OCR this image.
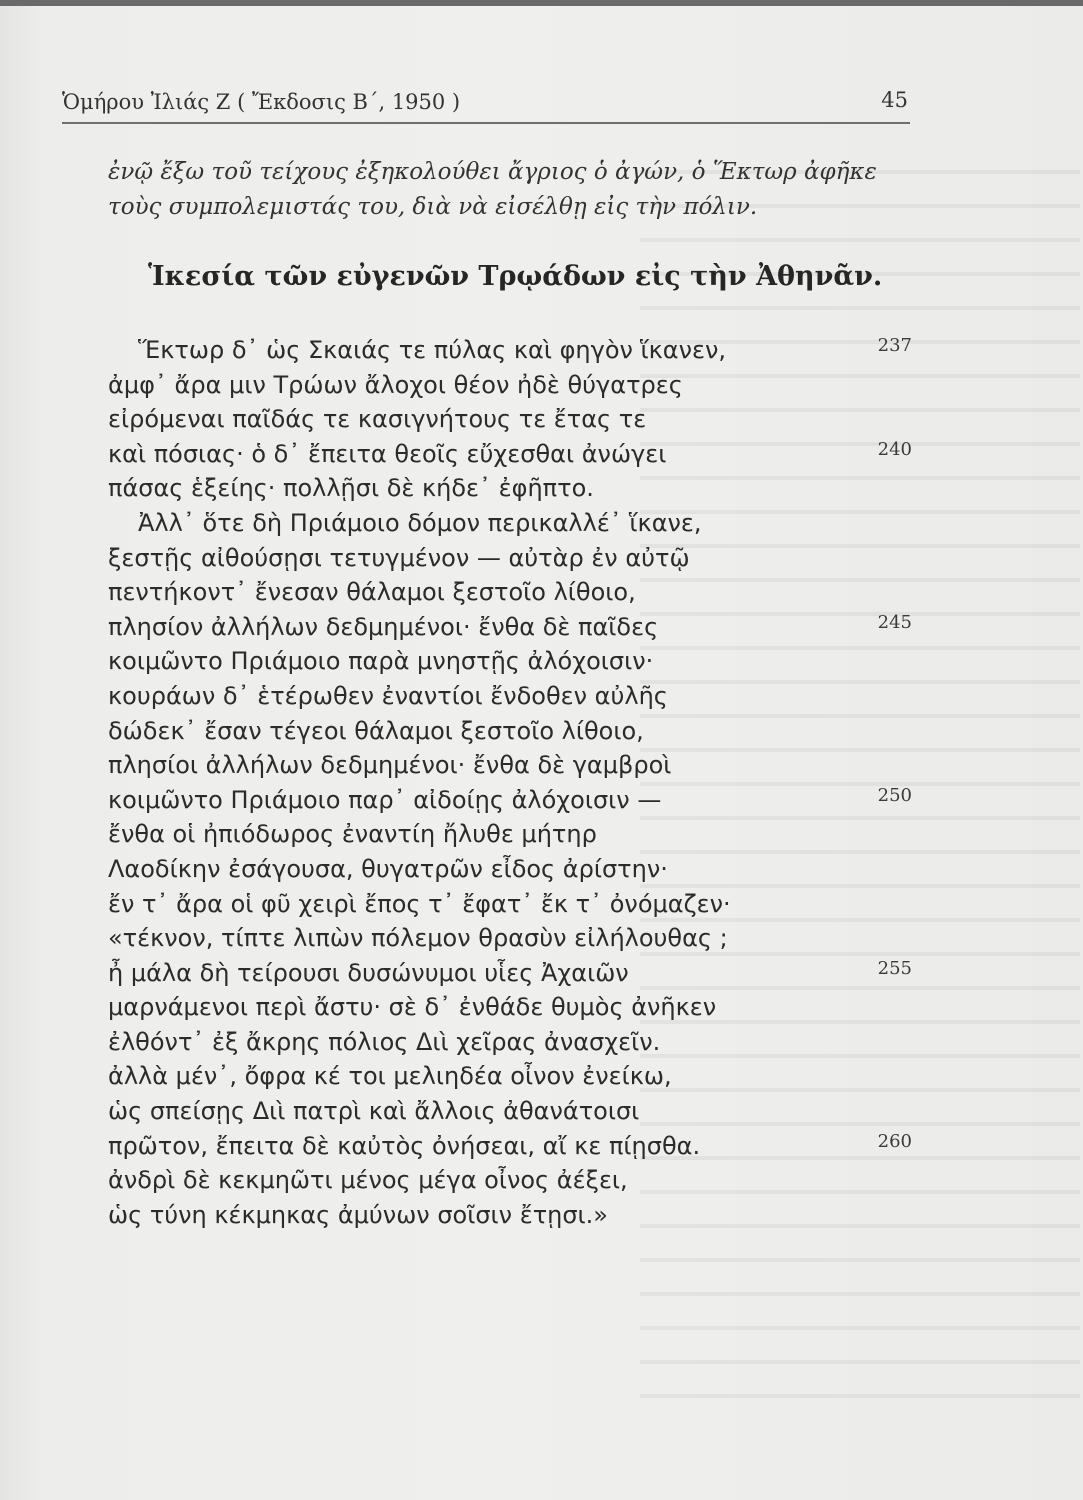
Ὁμήρου Ἰλιάς Ζ ( Ἔκδοσις Β΄, 1950 )	45
ἐνῷ ἔξω τοῦ τείχους ἐξηκολούθει ἄγριος ὁ ἀγών, ὁ Ἕκτωρ ἀφῆκε
τοὺς συμπολεμιστάς του, διὰ νὰ εἰσέλθῃ εἰς τὴν πόλιν.
Ἱκεσία τῶν εὐγενῶν Τρῳάδων εἰς τὴν Ἀθηνᾶν.
Ἕκτωρ δ᾽ ὡς Σκαιάς τε πύλας καὶ φηγὸν ἵκανεν,	237
ἀμφ᾽ ἄρα μιν Τρώων ἄλοχοι θέον ἠδὲ θύγατρες
εἰρόμεναι παῖδάς τε κασιγνήτους τε ἔτας τε
καὶ πόσιας· ὁ δ᾽ ἔπειτα θεοῖς εὔχεσθαι ἀνώγει	240
πάσας ἑξείης· πολλῇσι δὲ κήδε᾽ ἐφῆπτο.
Ἀλλ᾽ ὅτε δὴ Πριάμοιο δόμον περικαλλέ᾽ ἵκανε,
ξεστῇς αἰθούσῃσι τετυγμένον — αὐτὰρ ἐν αὐτῷ
πεντήκοντ᾽ ἔνεσαν θάλαμοι ξεστοῖο λίθοιο,
πλησίον ἀλλήλων δεδμημένοι· ἔνθα δὲ παῖδες	245
κοιμῶντο Πριάμοιο παρὰ μνηστῇς ἀλόχοισιν·
κουράων δ᾽ ἑτέρωθεν ἐναντίοι ἔνδοθεν αὐλῆς
δώδεκ᾽ ἔσαν τέγεοι θάλαμοι ξεστοῖο λίθοιο,
πλησίοι ἀλλήλων δεδμημένοι· ἔνθα δὲ γαμβροὶ
κοιμῶντο Πριάμοιο παρ᾽ αἰδοίῃς ἀλόχοισιν —	250
ἔνθα οἱ ἠπιόδωρος ἐναντίη ἤλυθε μήτηρ
Λαοδίκην ἐσάγουσα, θυγατρῶν εἶδος ἀρίστην·
ἔν τ᾽ ἄρα οἱ φῦ χειρὶ ἔπος τ᾽ ἔφατ᾽ ἔκ τ᾽ ὀνόμαζεν·
«τέκνον, τίπτε λιπὼν πόλεμον θρασὺν εἰλήλουθας ;
ἦ μάλα δὴ τείρουσι δυσώνυμοι υἷες Ἀχαιῶν	255
μαρνάμενοι περὶ ἄστυ· σὲ δ᾽ ἐνθάδε θυμὸς ἀνῆκεν
ἐλθόντ᾽ ἐξ ἄκρης πόλιος Διὶ χεῖρας ἀνασχεῖν.
ἀλλὰ μέν᾽, ὄφρα κέ τοι μελιηδέα οἶνον ἐνείκω,
ὡς σπείσῃς Διὶ πατρὶ καὶ ἄλλοις ἀθανάτοισι
πρῶτον, ἔπειτα δὲ καὐτὸς ὀνήσεαι, αἴ κε πίῃσθα.	260
ἀνδρὶ δὲ κεκμηῶτι μένος μέγα οἶνος ἀέξει,
ὡς τύνη κέκμηκας ἀμύνων σοῖσιν ἔτῃσι.»
